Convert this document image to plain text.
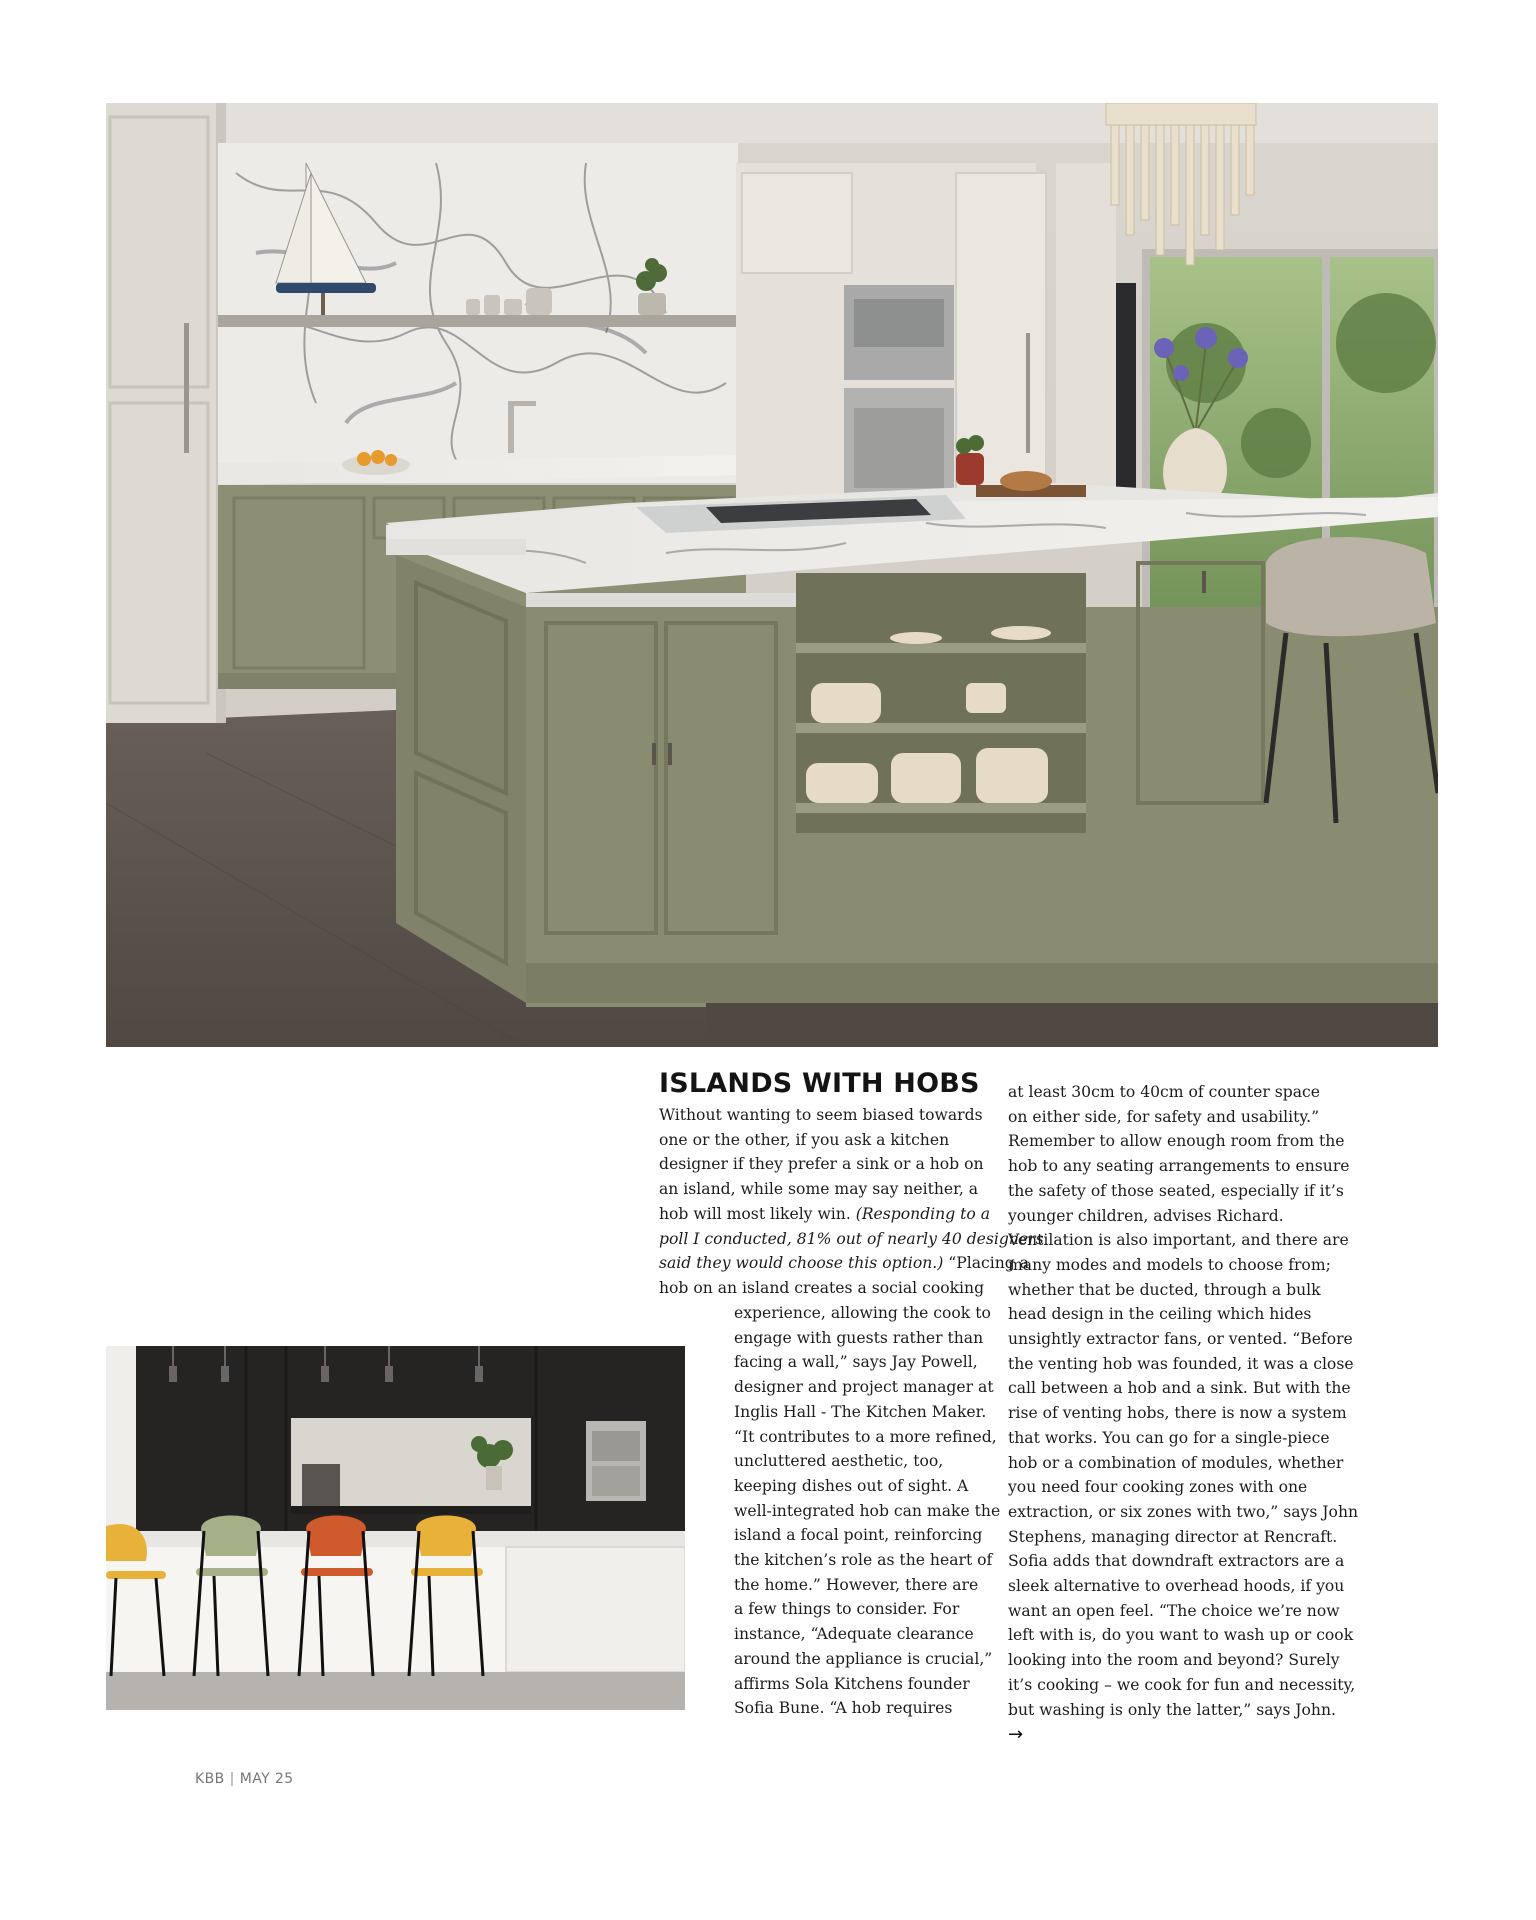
ISLANDS WITH HOBS

Without wanting to seem biased towards

one or the other, if you ask a kitchen

designer if they prefer a sink or a hob on

an island, while some may say neither, a

hob will most likely win. (Responding to a

poll I conducted, 81% out of nearly 40 designers

said they would choose this option.) “Placing a

hob on an island creates a social cooking

experience, allowing the cook to

engage with guests rather than

facing a wall,” says Jay Powell,

designer and project manager at

Inglis Hall - The Kitchen Maker.

“It contributes to a more refined,

uncluttered aesthetic, too,

keeping dishes out of sight. A

well-integrated hob can make the

island a focal point, reinforcing

the kitchen’s role as the heart of

the home.” However, there are

a few things to consider. For

instance, “Adequate clearance

around the appliance is crucial,”

affirms Sola Kitchens founder

Sofia Bune. “A hob requires

at least 30cm to 40cm of counter space

on either side, for safety and usability.”

Remember to allow enough room from the

hob to any seating arrangements to ensure

the safety of those seated, especially if it’s

younger children, advises Richard.

Ventilation is also important, and there are

many modes and models to choose from;

whether that be ducted, through a bulk

head design in the ceiling which hides

unsightly extractor fans, or vented. “Before

the venting hob was founded, it was a close

call between a hob and a sink. But with the

rise of venting hobs, there is now a system

that works. You can go for a single-piece

hob or a combination of modules, whether

you need four cooking zones with one

extraction, or six zones with two,” says John

Stephens, managing director at Rencraft.

Sofia adds that downdraft extractors are a

sleek alternative to overhead hoods, if you

want an open feel. “The choice we’re now

left with is, do you want to wash up or cook

looking into the room and beyond? Surely

it’s cooking – we cook for fun and necessity,

but washing is only the latter,” says John.

→
KBB | MAY 25
